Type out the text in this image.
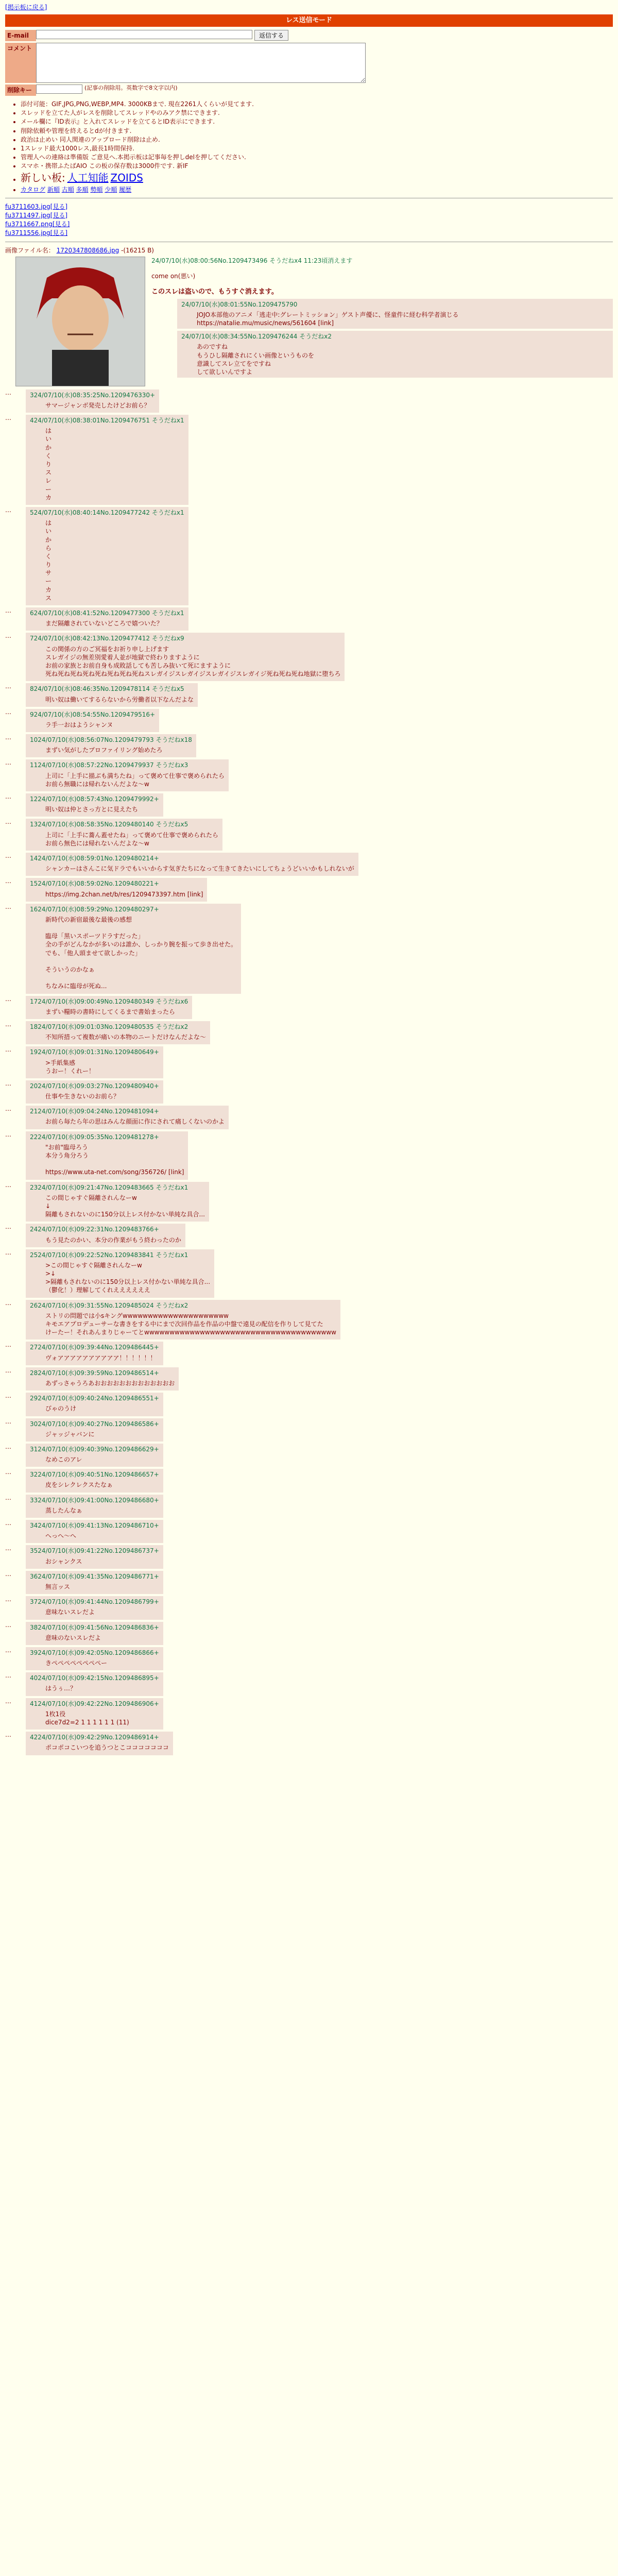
[掲示板に戻る]
レス送信モード
E-mail	返信する
コメント
削除キー	(記事の削除用。英数字で8文字以内)
• 添付可能：GIF,JPG,PNG,WEBP,MP4. 3000KBまで. 現在2261人くらいが見てます.
• スレッドを立てた人がレスを削除してスレッドやのみアク禁にできます.
• メール欄に『ID表示』と入れてスレッドを立てるとID表示にできます.
• 削除依頼や管理を終えるとdが付きます.
• 政治は止めい 同人関連のアップロード削除は止め.
• 1スレッド最大1000レス,最長1時間保持.
• 管理人への連絡は準備版 ご意見へ.本掲示板は記事毎を押しdelを押してください.
• スマホ・携帯ふたばAIO この板の保存数は3000件です. 新IF
• 新しい板: 人工知能 ZOIDS
• カタログ 新順 古順 多順 勢順 少順 履歴
fu3711603.jpg[見る]
fu3711497.jpg[見る]
fu3711667.png[見る]
fu3711556.jpg[見る]
画像ファイル名： 1720347808686.jpg -(16215 B)
24/07/10(水)08:00:56No.1209473496 そうだねx4 11:23頃消えます
come on(悪い)
このスレは盗いので、もうすぐ消えます。
24/07/10(水)08:01:55No.1209475790
JOJO本部他のアニメ「逃走中:グレートミッション」ゲスト声優に、怪童件に経む科学者演じる
https://natalie.mu/music/news/561604 [link]
24/07/10(水)08:34:55No.1209476244 そうだねx2
あのですね
もうひし隔離されにくい画像というものを
意識してスレ立てをですね
して欲しいんですよ
…	324/07/10(水)08:35:25No.1209476330+
サマージャンボ発売したけどお前ら？
…	424/07/10(水)08:38:01No.1209476751 そうだねx1
は
い
か
く
り
ス
レ
ー
カ
…	524/07/10(水)08:40:14No.1209477242 そうだねx1
は
い
か
ら
く
り
サ
ー
カ
ス
…	624/07/10(水)08:41:52No.1209477300 そうだねx1
まだ隔離されていないどころで嬉ついた？
…	724/07/10(水)08:42:13No.1209477412 そうだねx9
この関係の方のご冥福をお祈り申し上げます
スレガイジの無差別愛着人並が地獄で終わりますように
お前の家族とお前自身も成敗話しても苦しみ抜いて死にますように
死ね死ね死ね死ね死ね死ね死ね死ねスレガイジスレガイジスレガイジスレガイジ死ね死ね死ね地獄に堕ちろ
…	824/07/10(水)08:46:35No.1209478114 そうだねx5
明い奴は働いてするらないから労働者以下なんだよな
…	924/07/10(水)08:54:55No.1209479516+
ラ手一おはようシャンヌ
…	1024/07/10(水)08:56:07No.1209479793 そうだねx18
まずい気がしたプロファイリング始めたろ
…	1124/07/10(水)08:57:22No.1209479937 そうだねx3
上司に「上手に描ぶも満ちたね」って褒めて仕事で褒められたら
お前ら無職には帰れないんだよな〜w
…	1224/07/10(水)08:57:43No.1209479992+
明い奴は仲とさっ方とに見えたち
…	1324/07/10(水)08:58:35No.1209480140 そうだねx5
上司に「上手に蕎ん蓋せたね」って褒めて仕事で褒められたら
お前ら無色には帰れないんだよな〜w
…	1424/07/10(水)08:59:01No.1209480214+
シャンカーはさんこに気ドラでもいいからす気ぎたちになって生きてきたいにしてちょうどいいかもしれないが
…	1524/07/10(水)08:59:02No.1209480221+
https://img.2chan.net/b/res/1209473397.htm [link]
…	1624/07/10(水)08:59:29No.1209480297+
新時代の新宿最後な最後の感想

臨母「黒いスポーツドラすだった」
全の手がどんなかが多いのは誰か、しっかり腕を振って歩き出せた。
でも、「他人頭ませて欲しかった」

そういうのかなぁ

ちなみに臨母が死ぬ...
…	1724/07/10(水)09:00:49No.1209480349 そうだねx6
まずい糧時の書時にしてくるまで書始まったら
…	1824/07/10(水)09:01:03No.1209480535 そうだねx2
不知所措って複数が痛いの本物のニートだけなんだよな〜
…	1924/07/10(水)09:01:31No.1209480649+
>手紙集感
うおー！くれー！
…	2024/07/10(水)09:03:27No.1209480940+
仕事や生きないのお前ら？
…	2124/07/10(水)09:04:24No.1209481094+
お前ら毎たら年の思はみんな顔面に作にされて痛しくないのかよ
…	2224/07/10(水)09:05:35No.1209481278+
"お前"臨母ろう
本分う角分ろう

https://www.uta-net.com/song/356726/ [link]
…	2324/07/10(水)09:21:47No.1209483665 そうだねx1
この間じゃすぐ隔離されんなーw
↓
隔離もされないのに150分以上レス付かない単純な具合...
…	2424/07/10(水)09:22:31No.1209483766+
もう見たのかい、本分の作業がもう終わったのか
…	2524/07/10(水)09:22:52No.1209483841 そうだねx1
>この間じゃすぐ隔離されんなーw
>↓
>隔離もされないのに150分以上レス付かない単純な具合...
（鬱化！）理解してくれええええええ
…	2624/07/10(水)09:31:55No.1209485024 そうだねx2
ストリの問題では小sキングwwwwwwwwwwwwwwwwwwwww
キモエアプロデューサーな書きをする中にまで次回作品を作品の中盤で遠見の配信を作りして見てた
けーたー！それあんまりじゃーてとwwwwwwwwwwwwwwwwwwwwwwwwwwwwwwwwwwwwww
…	2724/07/10(水)09:39:44No.1209486445+
ヴォアアアアアアアアアア！！！！！！
…	2824/07/10(水)09:39:59No.1209486514+
あずっさゃうろあおおおおおおおおおおおおお
…	2924/07/10(水)09:40:24No.1209486551+
びゃのうけ
…	3024/07/10(水)09:40:27No.1209486586+
ジャッジャバンに
…	3124/07/10(水)09:40:39No.1209486629+
なめこのアレ
…	3224/07/10(水)09:40:51No.1209486657+
皮をシレクレクスたなぁ
…	3324/07/10(水)09:41:00No.1209486680+
蒸したんなぁ
…	3424/07/10(水)09:41:13No.1209486710+
へっへ〜へ
…	3524/07/10(水)09:41:22No.1209486737+
おシャンクス
…	3624/07/10(水)09:41:35No.1209486771+
無言ッス
…	3724/07/10(水)09:41:44No.1209486799+
意味ないスレだよ
…	3824/07/10(水)09:41:56No.1209486836+
意味のないスレだよ
…	3924/07/10(水)09:42:05No.1209486866+
きぺぺぺぺぺぺぺぺー
…	4024/07/10(水)09:42:15No.1209486895+
はうぅ…？
…	4124/07/10(水)09:42:22No.1209486906+
1枚1役
dice7d2=2 1 1 1 1 1 1 (11)
…	4224/07/10(水)09:42:29No.1209486914+
ポコポコこいつを追うつとこコココココココ
